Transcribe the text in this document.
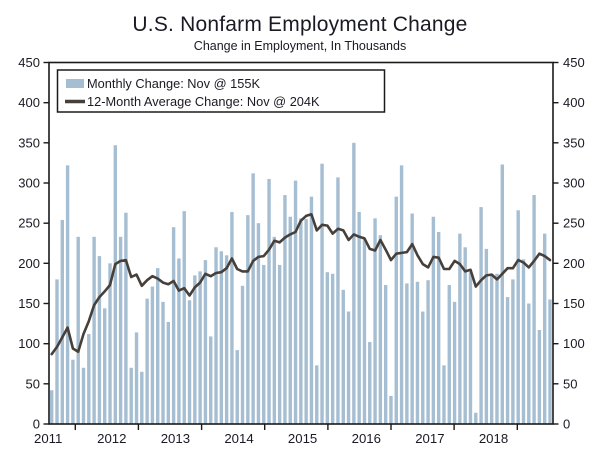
U.S. Nonfarm Employment Change
Change in Employment, In Thousands
450	450
400	400
350	350
300	300
250	250
200	200
150	150
100	100
50	50
0	0
2011	2012	2013	2014	2015	2016	2017	2018
Monthly Change: Nov @ 155K
12-Month Average Change: Nov @ 204K
